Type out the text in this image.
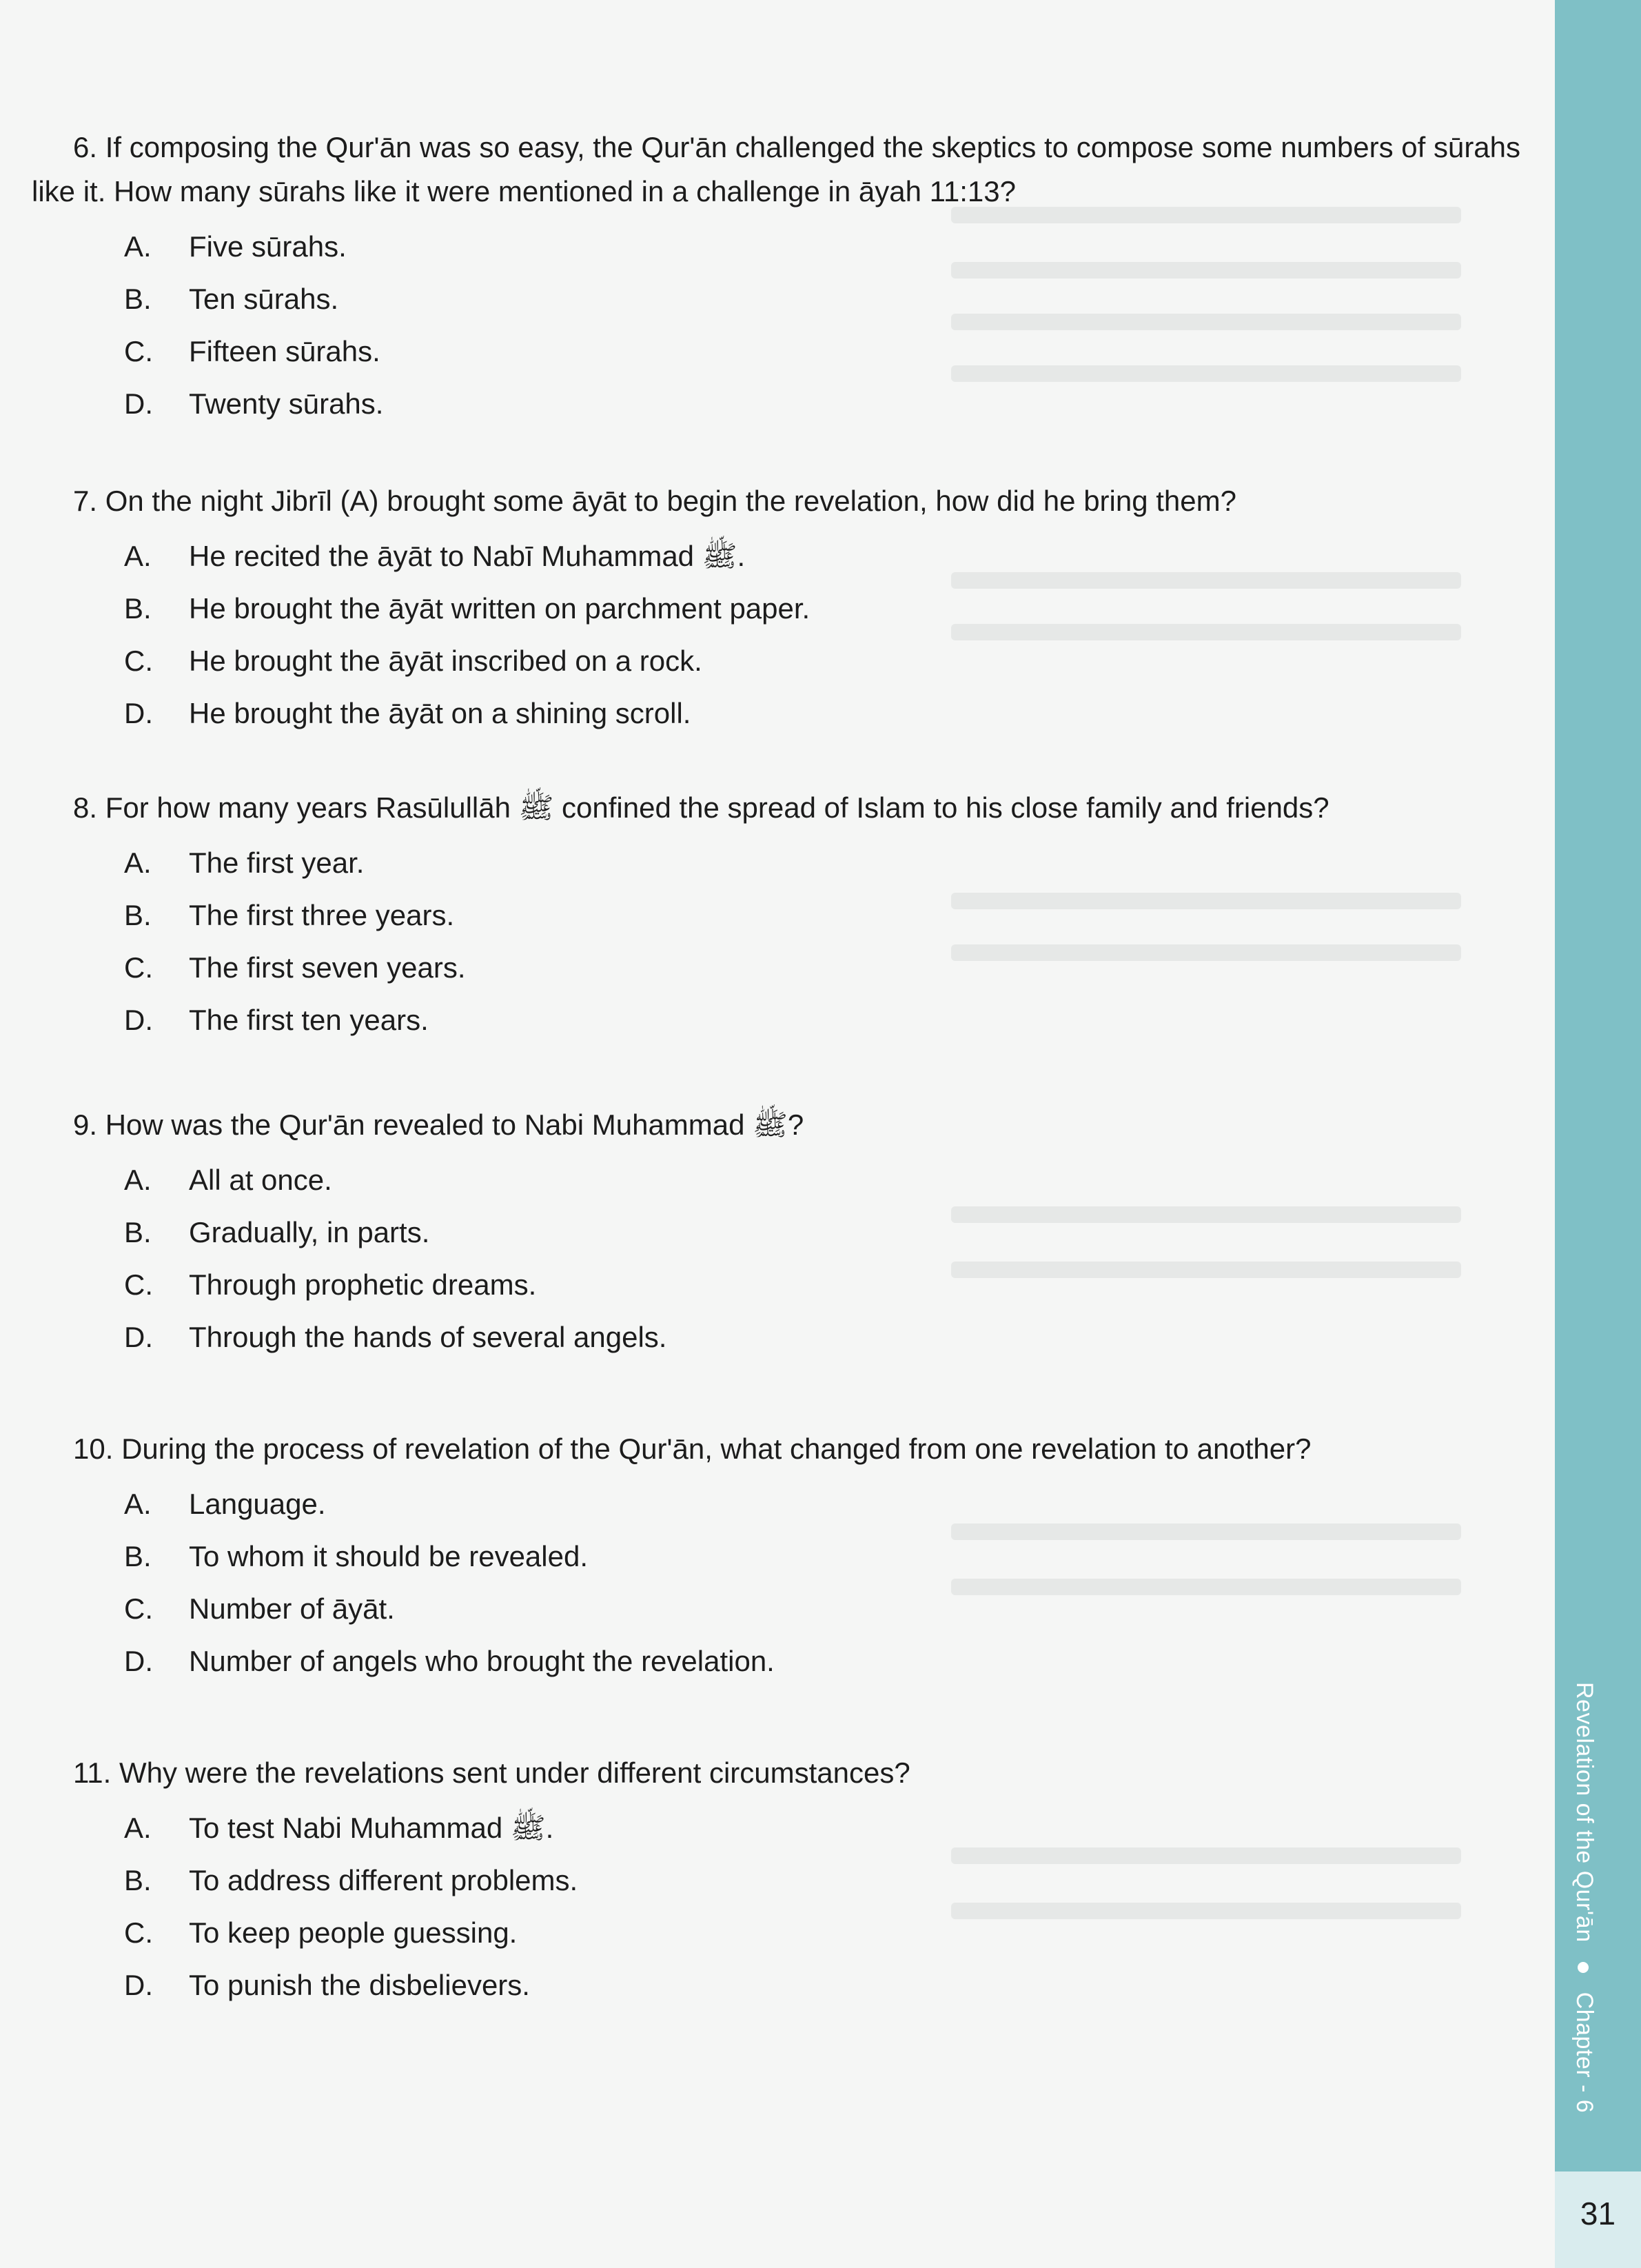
6. If composing the Qur'ān was so easy, the Qur'ān challenged the skeptics to compose some numbers of sūrahs like it. How many sūrahs like it were mentioned in a challenge in āyah 11:13?

A. Five sūrahs.
B. Ten sūrahs.
C. Fifteen sūrahs.
D. Twenty sūrahs.

7. On the night Jibrīl (A) brought some āyāt to begin the revelation, how did he bring them?

A. He recited the āyāt to Nabī Muhammad ﷺ.
B. He brought the āyāt written on parchment paper.
C. He brought the āyāt inscribed on a rock.
D. He brought the āyāt on a shining scroll.

8. For how many years Rasūlullāh ﷺ confined the spread of Islam to his close family and friends?

A. The first year.
B. The first three years.
C. The first seven years.
D. The first ten years.

9. How was the Qur'ān revealed to Nabi Muhammad ﷺ?

A. All at once.
B. Gradually, in parts.
C. Through prophetic dreams.
D. Through the hands of several angels.

10. During the process of revelation of the Qur'ān, what changed from one revelation to another?

A. Language.
B. To whom it should be revealed.
C. Number of āyāt.
D. Number of angels who brought the revelation.

11. Why were the revelations sent under different circumstances?

A. To test Nabi Muhammad ﷺ.
B. To address different problems.
C. To keep people guessing.
D. To punish the disbelievers.
Revelation of the Qur'ānChapter - 6
31
